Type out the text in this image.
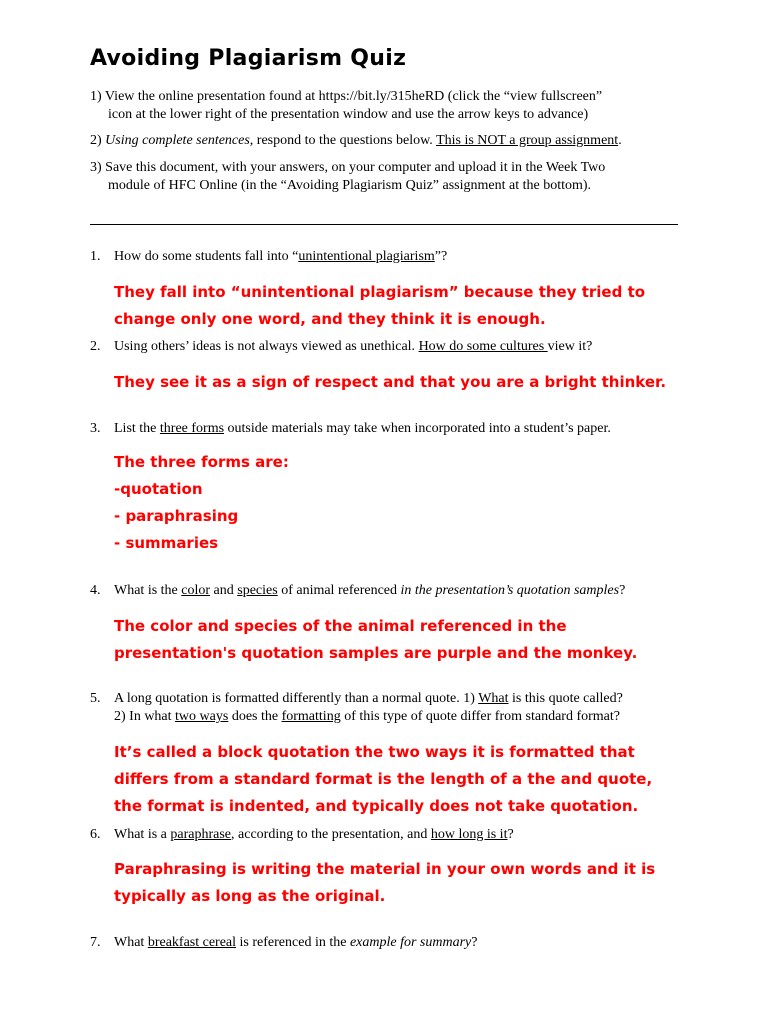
Avoiding Plagiarism Quiz

1) View the online presentation found at https://bit.ly/315heRD (click the “view fullscreen”
icon at the lower right of the presentation window and use the arrow keys to advance)

2) Using complete sentences, respond to the questions below. This is NOT a group assignment.

3) Save this document, with your answers, on your computer and upload it in the Week Two
module of HFC Online (in the “Avoiding Plagiarism Quiz” assignment at the bottom).

1. How do some students fall into “unintentional plagiarism”?

They fall into “unintentional plagiarism” because they tried to
change only one word, and they think it is enough.

2. Using others’ ideas is not always viewed as unethical. How do some cultures view it?

They see it as a sign of respect and that you are a bright thinker.

3. List the three forms outside materials may take when incorporated into a student’s paper.

The three forms are:
-quotation
- paraphrasing
- summaries

4. What is the color and species of animal referenced in the presentation’s quotation samples?

The color and species of the animal referenced in the
presentation's quotation samples are purple and the monkey.

5. A long quotation is formatted differently than a normal quote. 1) What is this quote called?
2) In what two ways does the formatting of this type of quote differ from standard format?

It’s called a block quotation the two ways it is formatted that
differs from a standard format is the length of a the and quote,
the format is indented, and typically does not take quotation.

6. What is a paraphrase, according to the presentation, and how long is it?

Paraphrasing is writing the material in your own words and it is
typically as long as the original.

7. What breakfast cereal is referenced in the example for summary?
